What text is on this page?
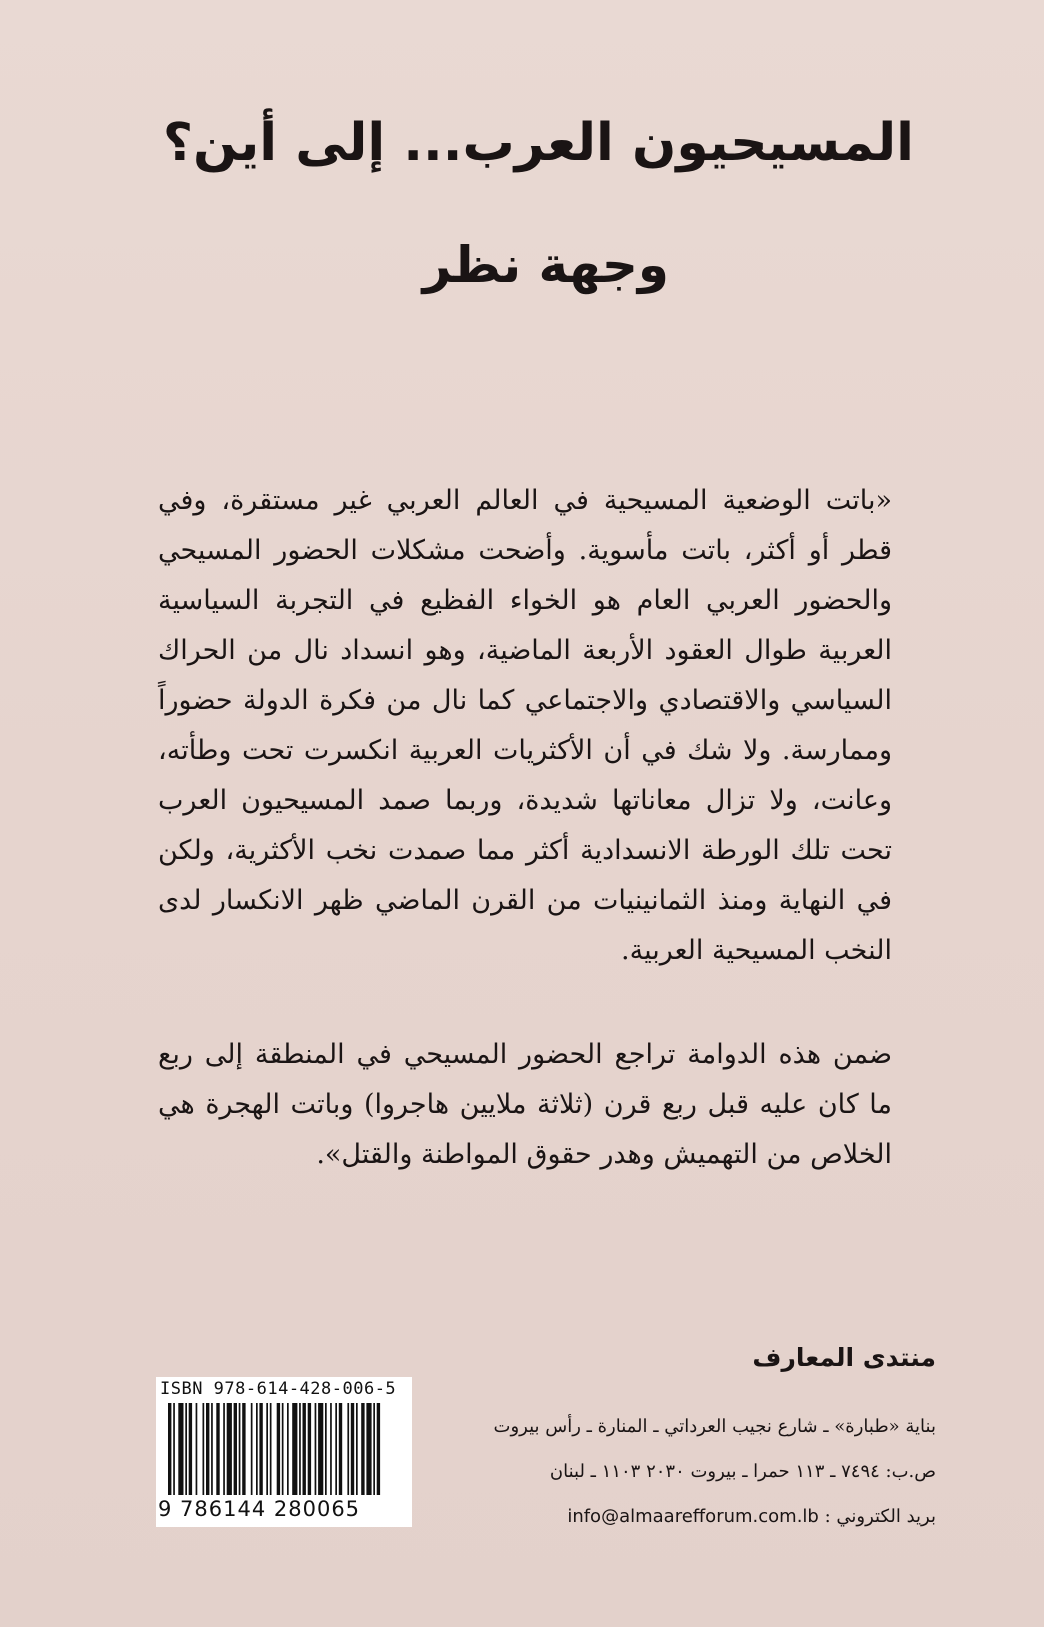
المسيحيون العرب... إلى أين؟
وجهة نظر

«باتت الوضعية المسيحية في العالم العربي غير مستقرة، وفي قطر أو أكثر، باتت مأسوية. وأضحت مشكلات الحضور المسيحي والحضور العربي العام هو الخواء الفظيع في التجربة السياسية العربية طوال العقود الأربعة الماضية، وهو انسداد نال من الحراك السياسي والاقتصادي والاجتماعي كما نال من فكرة الدولة حضوراً وممارسة. ولا شك في أن الأكثريات العربية انكسرت تحت وطأته، وعانت، ولا تزال معاناتها شديدة، وربما صمد المسيحيون العرب تحت تلك الورطة الانسدادية أكثر مما صمدت نخب الأكثرية، ولكن في النهاية ومنذ الثمانينيات من القرن الماضي ظهر الانكسار لدى النخب المسيحية العربية.

ضمن هذه الدوامة تراجع الحضور المسيحي في المنطقة إلى ربع ما كان عليه قبل ربع قرن (ثلاثة ملايين هاجروا) وباتت الهجرة هي الخلاص من التهميش وهدر حقوق المواطنة والقتل».

ISBN 978-614-428-006-5
9 786144 280065

منتدى المعارف

بناية «طبارة» ـ شارع نجيب العرداتي ـ المنارة ـ رأس بيروت

ص.ب: ٧٤٩٤ ـ ١١٣ حمرا ـ بيروت ٢٠٣٠ ١١٠٣ ـ لبنان

بريد الكتروني : info@almaarefforum.com.lb
